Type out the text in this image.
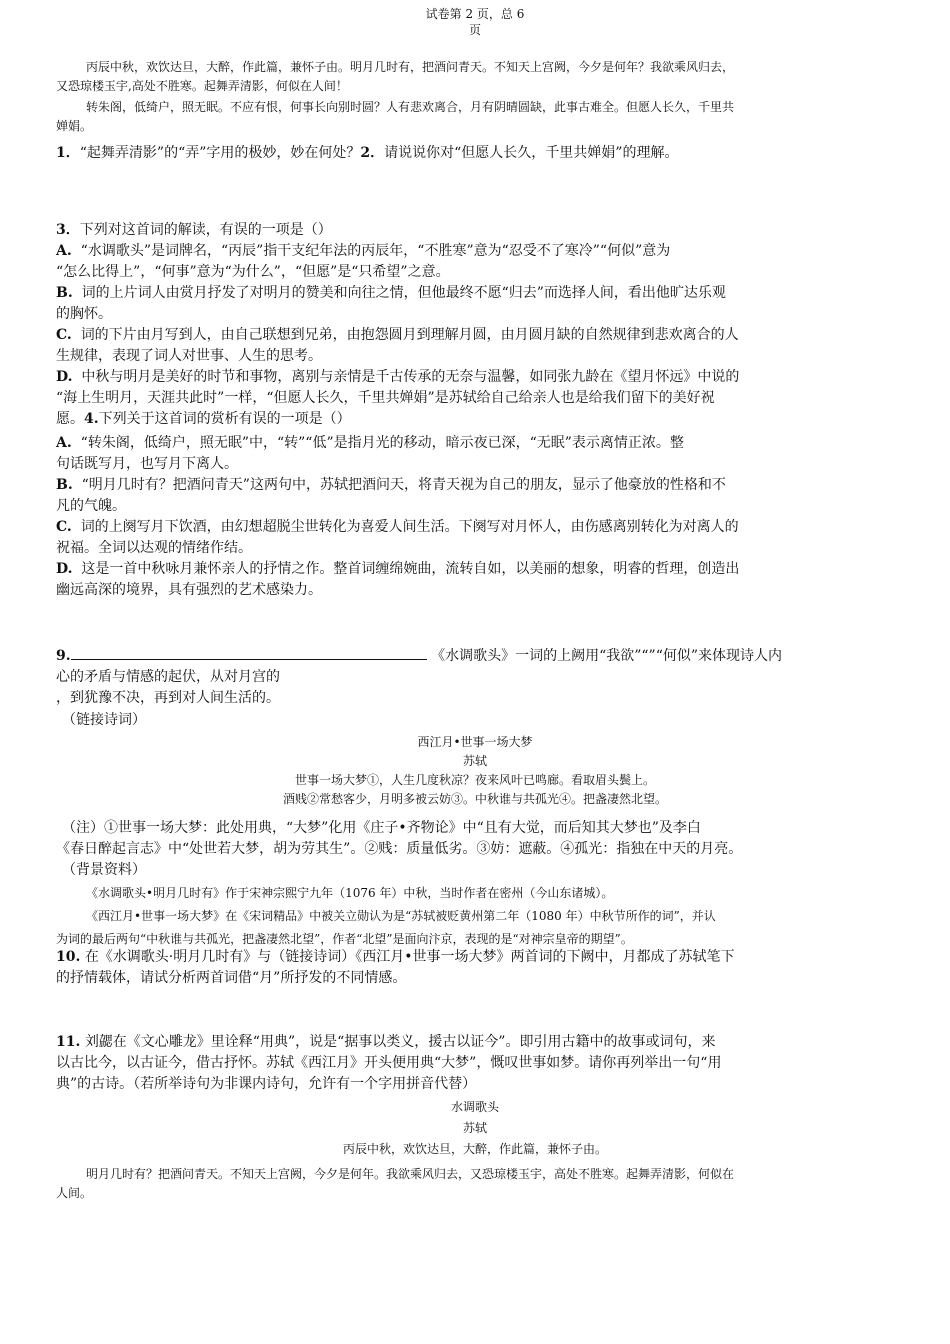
试卷第 2 页，总 6
页
丙辰中秋，欢饮达旦，大醉，作此篇，兼怀子由。明月几时有，把酒问青天。不知天上宫阙，今夕是何年？我欲乘风归去，
又恐琼楼玉宇,高处不胜寒。起舞弄清影，何似在人间！
转朱阁，低绮户，照无眠。不应有恨，何事长向别时圆？人有悲欢离合，月有阴晴圆缺，此事古难全。但愿人长久，千里共
婵娟。
1．“起舞弄清影”的“弄”字用的极妙，妙在何处？2．请说说你对“但愿人长久，千里共婵娟”的理解。
3．下列对这首词的解读，有误的一项是（）
A. “水调歌头”是词牌名，“丙辰”指干支纪年法的丙辰年，“不胜寒”意为“忍受不了寒冷”“何似”意为
“怎么比得上”，“何事”意为“为什么”，“但愿”是“只希望”之意。
B. 词的上片词人由赏月抒发了对明月的赞美和向往之情，但他最终不愿“归去”而选择人间，看出他旷达乐观
的胸怀。
C. 词的下片由月写到人，由自己联想到兄弟，由抱怨圆月到理解月圆，由月圆月缺的自然规律到悲欢离合的人
生规律，表现了词人对世事、人生的思考。
D. 中秋与明月是美好的时节和事物，离别与亲情是千古传承的无奈与温馨，如同张九龄在《望月怀远》中说的
“海上生明月，天涯共此时”一样，“但愿人长久，千里共婵娟”是苏轼给自己给亲人也是给我们留下的美好祝
愿。4.下列关于这首词的赏析有误的一项是（）
A. “转朱阁，低绮户，照无眠”中，“转”“低”是指月光的移动，暗示夜已深，“无眠”表示离情正浓。整
句话既写月，也写月下离人。
B. “明月几时有？把酒问青天”这两句中，苏轼把酒问天，将青天视为自己的朋友，显示了他豪放的性格和不
凡的气魄。
C. 词的上阕写月下饮酒，由幻想超脱尘世转化为喜爱人间生活。下阕写对月怀人，由伤感离别转化为对离人的
祝福。全词以达观的情绪作结。
D. 这是一首中秋咏月兼怀亲人的抒情之作。整首词缠绵婉曲，流转自如，以美丽的想象，明睿的哲理，创造出
幽远高深的境界，具有强烈的艺术感染力。
9.	《水调歌头》一词的上阙用“我欲”“”“何似”来体现诗人内
心的矛盾与情感的起伏，从对月宫的
，到犹豫不决，再到对人间生活的。
（链接诗词）
西江月•世事一场大梦
苏轼
世事一场大梦①，人生几度秋凉？夜来风叶已鸣廊。看取眉头鬓上。
酒贱②常愁客少，月明多被云妨③。中秋谁与共孤光④。把盏凄然北望。
（注）①世事一场大梦：此处用典，“大梦”化用《庄子•齐物论》中“且有大觉，而后知其大梦也”及李白
《春日醉起言志》中“处世若大梦，胡为劳其生”。②贱：质量低劣。③妨：遮蔽。④孤光：指独在中天的月亮。
（背景资料）
《水调歌头•明月几时有》作于宋神宗熙宁九年（1076 年）中秋，当时作者在密州（今山东诸城）。
《西江月•世事一场大梦》在《宋词精品》中被关立勋认为是“苏轼被贬黄州第二年（1080 年）中秋节所作的词”，并认
为词的最后两句“中秋谁与共孤光，把盏凄然北望”，作者“北望”是面向汴京，表现的是“对神宗皇帝的期望”。
10. 在《水调歌头·明月几时有》与（链接诗词）《西江月•世事一场大梦》两首词的下阙中，月都成了苏轼笔下
的抒情载体，请试分析两首词借“月”所抒发的不同情感。
11. 刘勰在《文心雕龙》里诠释“用典”，说是“据事以类义，援古以证今”。即引用古籍中的故事或词句，来
以古比今，以古证今，借古抒怀。苏轼《西江月》开头便用典“大梦”，慨叹世事如梦。请你再列举出一句“用
典”的古诗。（若所举诗句为非课内诗句，允许有一个字用拼音代替）
水调歌头
苏轼
丙辰中秋，欢饮达旦，大醉，作此篇，兼怀子由。
明月几时有？把酒问青天。不知天上宫阙，今夕是何年。我欲乘风归去，又恐琼楼玉宇，高处不胜寒。起舞弄清影，何似在
人间。
